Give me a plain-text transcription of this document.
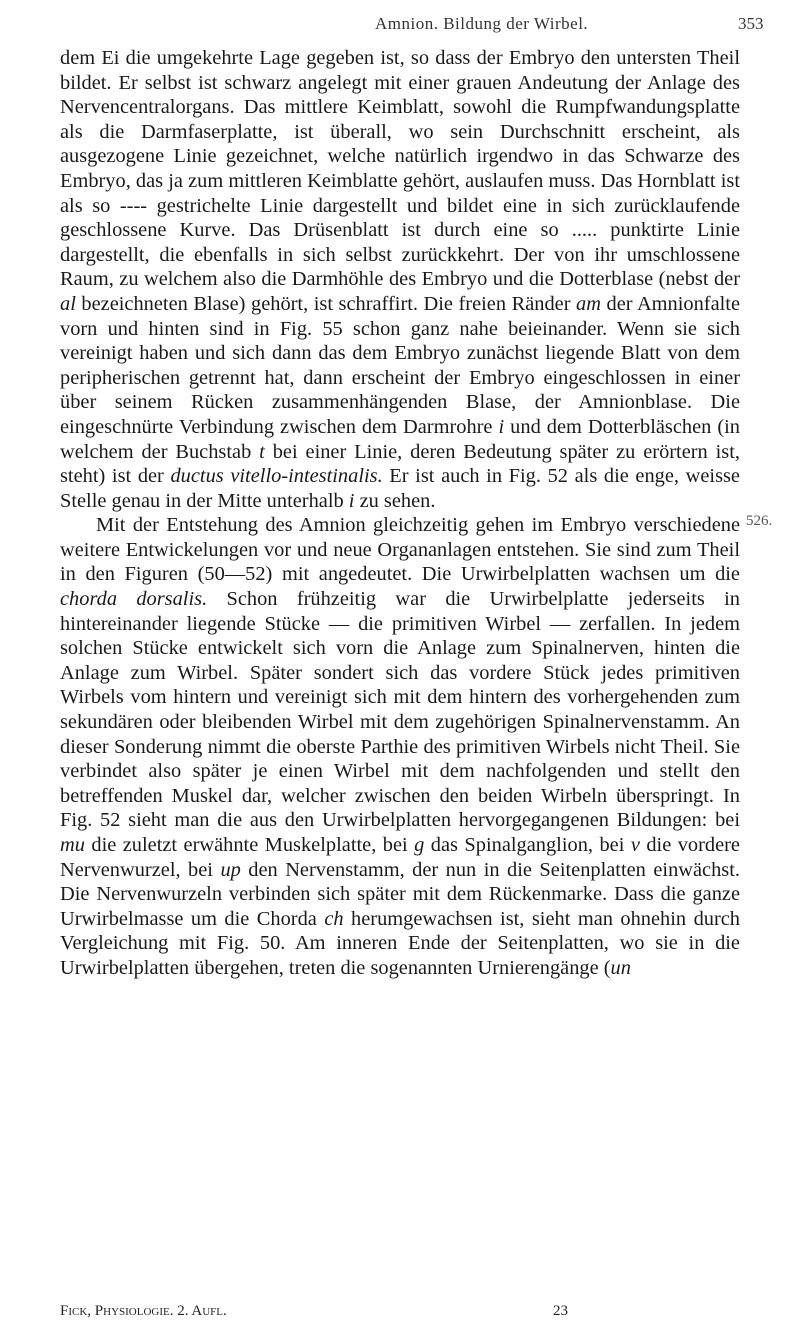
Amnion. Bildung der Wirbel.	353

dem Ei die umgekehrte Lage gegeben ist, so dass der Embryo den untersten Theil bildet. Er selbst ist schwarz angelegt mit einer grauen Andeutung der Anlage des Nervencentralorgans. Das mittlere Keimblatt, sowohl die Rumpfwandungsplatte als die Darmfaserplatte, ist überall, wo sein Durchschnitt erscheint, als ausgezogene Linie gezeichnet, welche natürlich irgendwo in das Schwarze des Embryo, das ja zum mittleren Keimblatte gehört, auslaufen muss. Das Hornblatt ist als so ---- gestrichelte Linie dargestellt und bildet eine in sich zurücklaufende geschlossene Kurve. Das Drüsenblatt ist durch eine so ..... punktirte Linie dargestellt, die ebenfalls in sich selbst zurückkehrt. Der von ihr umschlossene Raum, zu welchem also die Darmhöhle des Embryo und die Dotterblase (nebst der al bezeichneten Blase) gehört, ist schraffirt. Die freien Ränder am der Amnionfalte vorn und hinten sind in Fig. 55 schon ganz nahe beieinander. Wenn sie sich vereinigt haben und sich dann das dem Embryo zunächst liegende Blatt von dem peripherischen getrennt hat, dann erscheint der Embryo eingeschlossen in einer über seinem Rücken zusammenhängenden Blase, der Amnionblase. Die eingeschnürte Verbindung zwischen dem Darmrohre i und dem Dotterbläschen (in welchem der Buchstab t bei einer Linie, deren Bedeutung später zu erörtern ist, steht) ist der ductus vitello-intestinalis. Er ist auch in Fig. 52 als die enge, weisse Stelle genau in der Mitte unterhalb i zu sehen.

Mit der Entstehung des Amnion gleichzeitig gehen im Embryo verschiedene weitere Entwickelungen vor und neue Organanlagen entstehen. Sie sind zum Theil in den Figuren (50—52) mit angedeutet. Die Urwirbelplatten wachsen um die chorda dorsalis. Schon frühzeitig war die Urwirbelplatte jederseits in hintereinander liegende Stücke — die primitiven Wirbel — zerfallen. In jedem solchen Stücke entwickelt sich vorn die Anlage zum Spinalnerven, hinten die Anlage zum Wirbel. Später sondert sich das vordere Stück jedes primitiven Wirbels vom hintern und vereinigt sich mit dem hintern des vorhergehenden zum sekundären oder bleibenden Wirbel mit dem zugehörigen Spinalnervenstamm. An dieser Sonderung nimmt die oberste Parthie des primitiven Wirbels nicht Theil. Sie verbindet also später je einen Wirbel mit dem nachfolgenden und stellt den betreffenden Muskel dar, welcher zwischen den beiden Wirbeln überspringt. In Fig. 52 sieht man die aus den Urwirbelplatten hervorgegangenen Bildungen: bei mu die zuletzt erwähnte Muskelplatte, bei g das Spinalganglion, bei v die vordere Nervenwurzel, bei up den Nervenstamm, der nun in die Seitenplatten einwächst. Die Nervenwurzeln verbinden sich später mit dem Rückenmarke. Dass die ganze Urwirbelmasse um die Chorda ch herumgewachsen ist, sieht man ohnehin durch Vergleichung mit Fig. 50. Am inneren Ende der Seitenplatten, wo sie in die Urwirbelplatten übergehen, treten die sogenannten Urnierengänge (un

526.
Fick, Physiologie. 2. Aufl.	23
